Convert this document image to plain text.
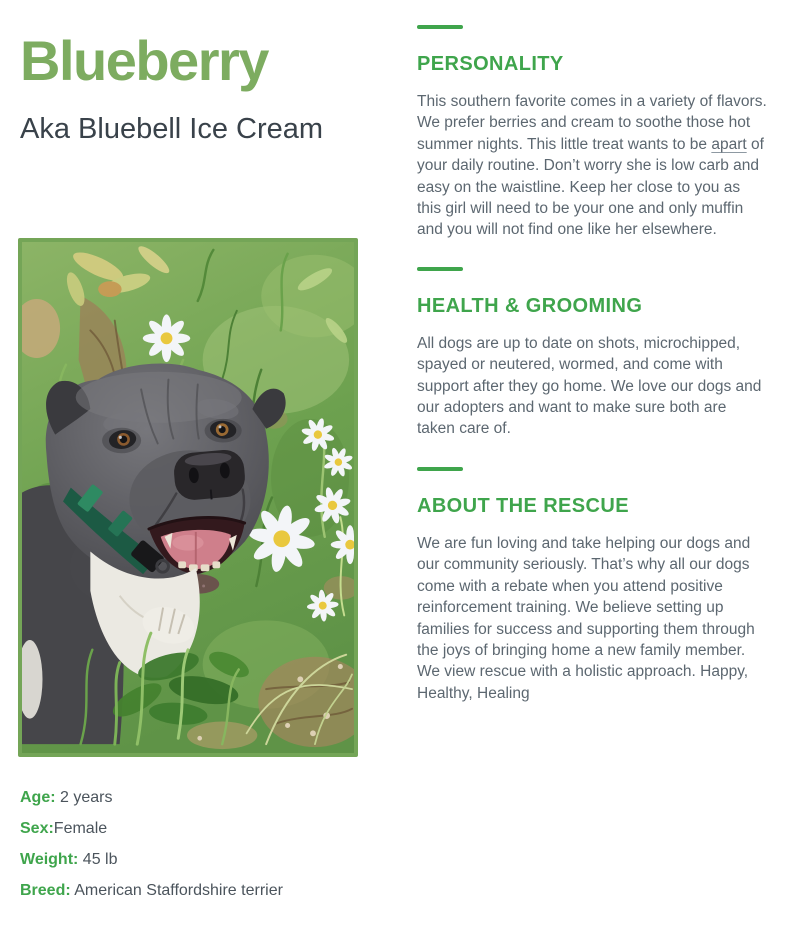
Blueberry
Aka Bluebell Ice Cream
Age: 2 years
Sex:Female
Weight: 45 lb
Breed: American Staffordshire terrier
PERSONALITY

This southern favorite comes in a variety of flavors. We prefer berries and cream to soothe those hot summer nights. This little treat wants to be apart of your daily routine. Don’t worry she is low carb and easy on the waistline. Keep her close to you as this girl will need to be your one and only muffin and you will not find one like her elsewhere.

HEALTH & GROOMING

All dogs are up to date on shots, microchipped, spayed or neutered, wormed, and come with support after they go home. We love our dogs and our adopters and want to make sure both are taken care of.

ABOUT THE RESCUE

We are fun loving and take helping our dogs and our community seriously. That’s why all our dogs come with a rebate when you attend positive reinforcement training. We believe setting up families for success and supporting them through the joys of bringing home a new family member. We view rescue with a holistic approach. Happy, Healthy, Healing
